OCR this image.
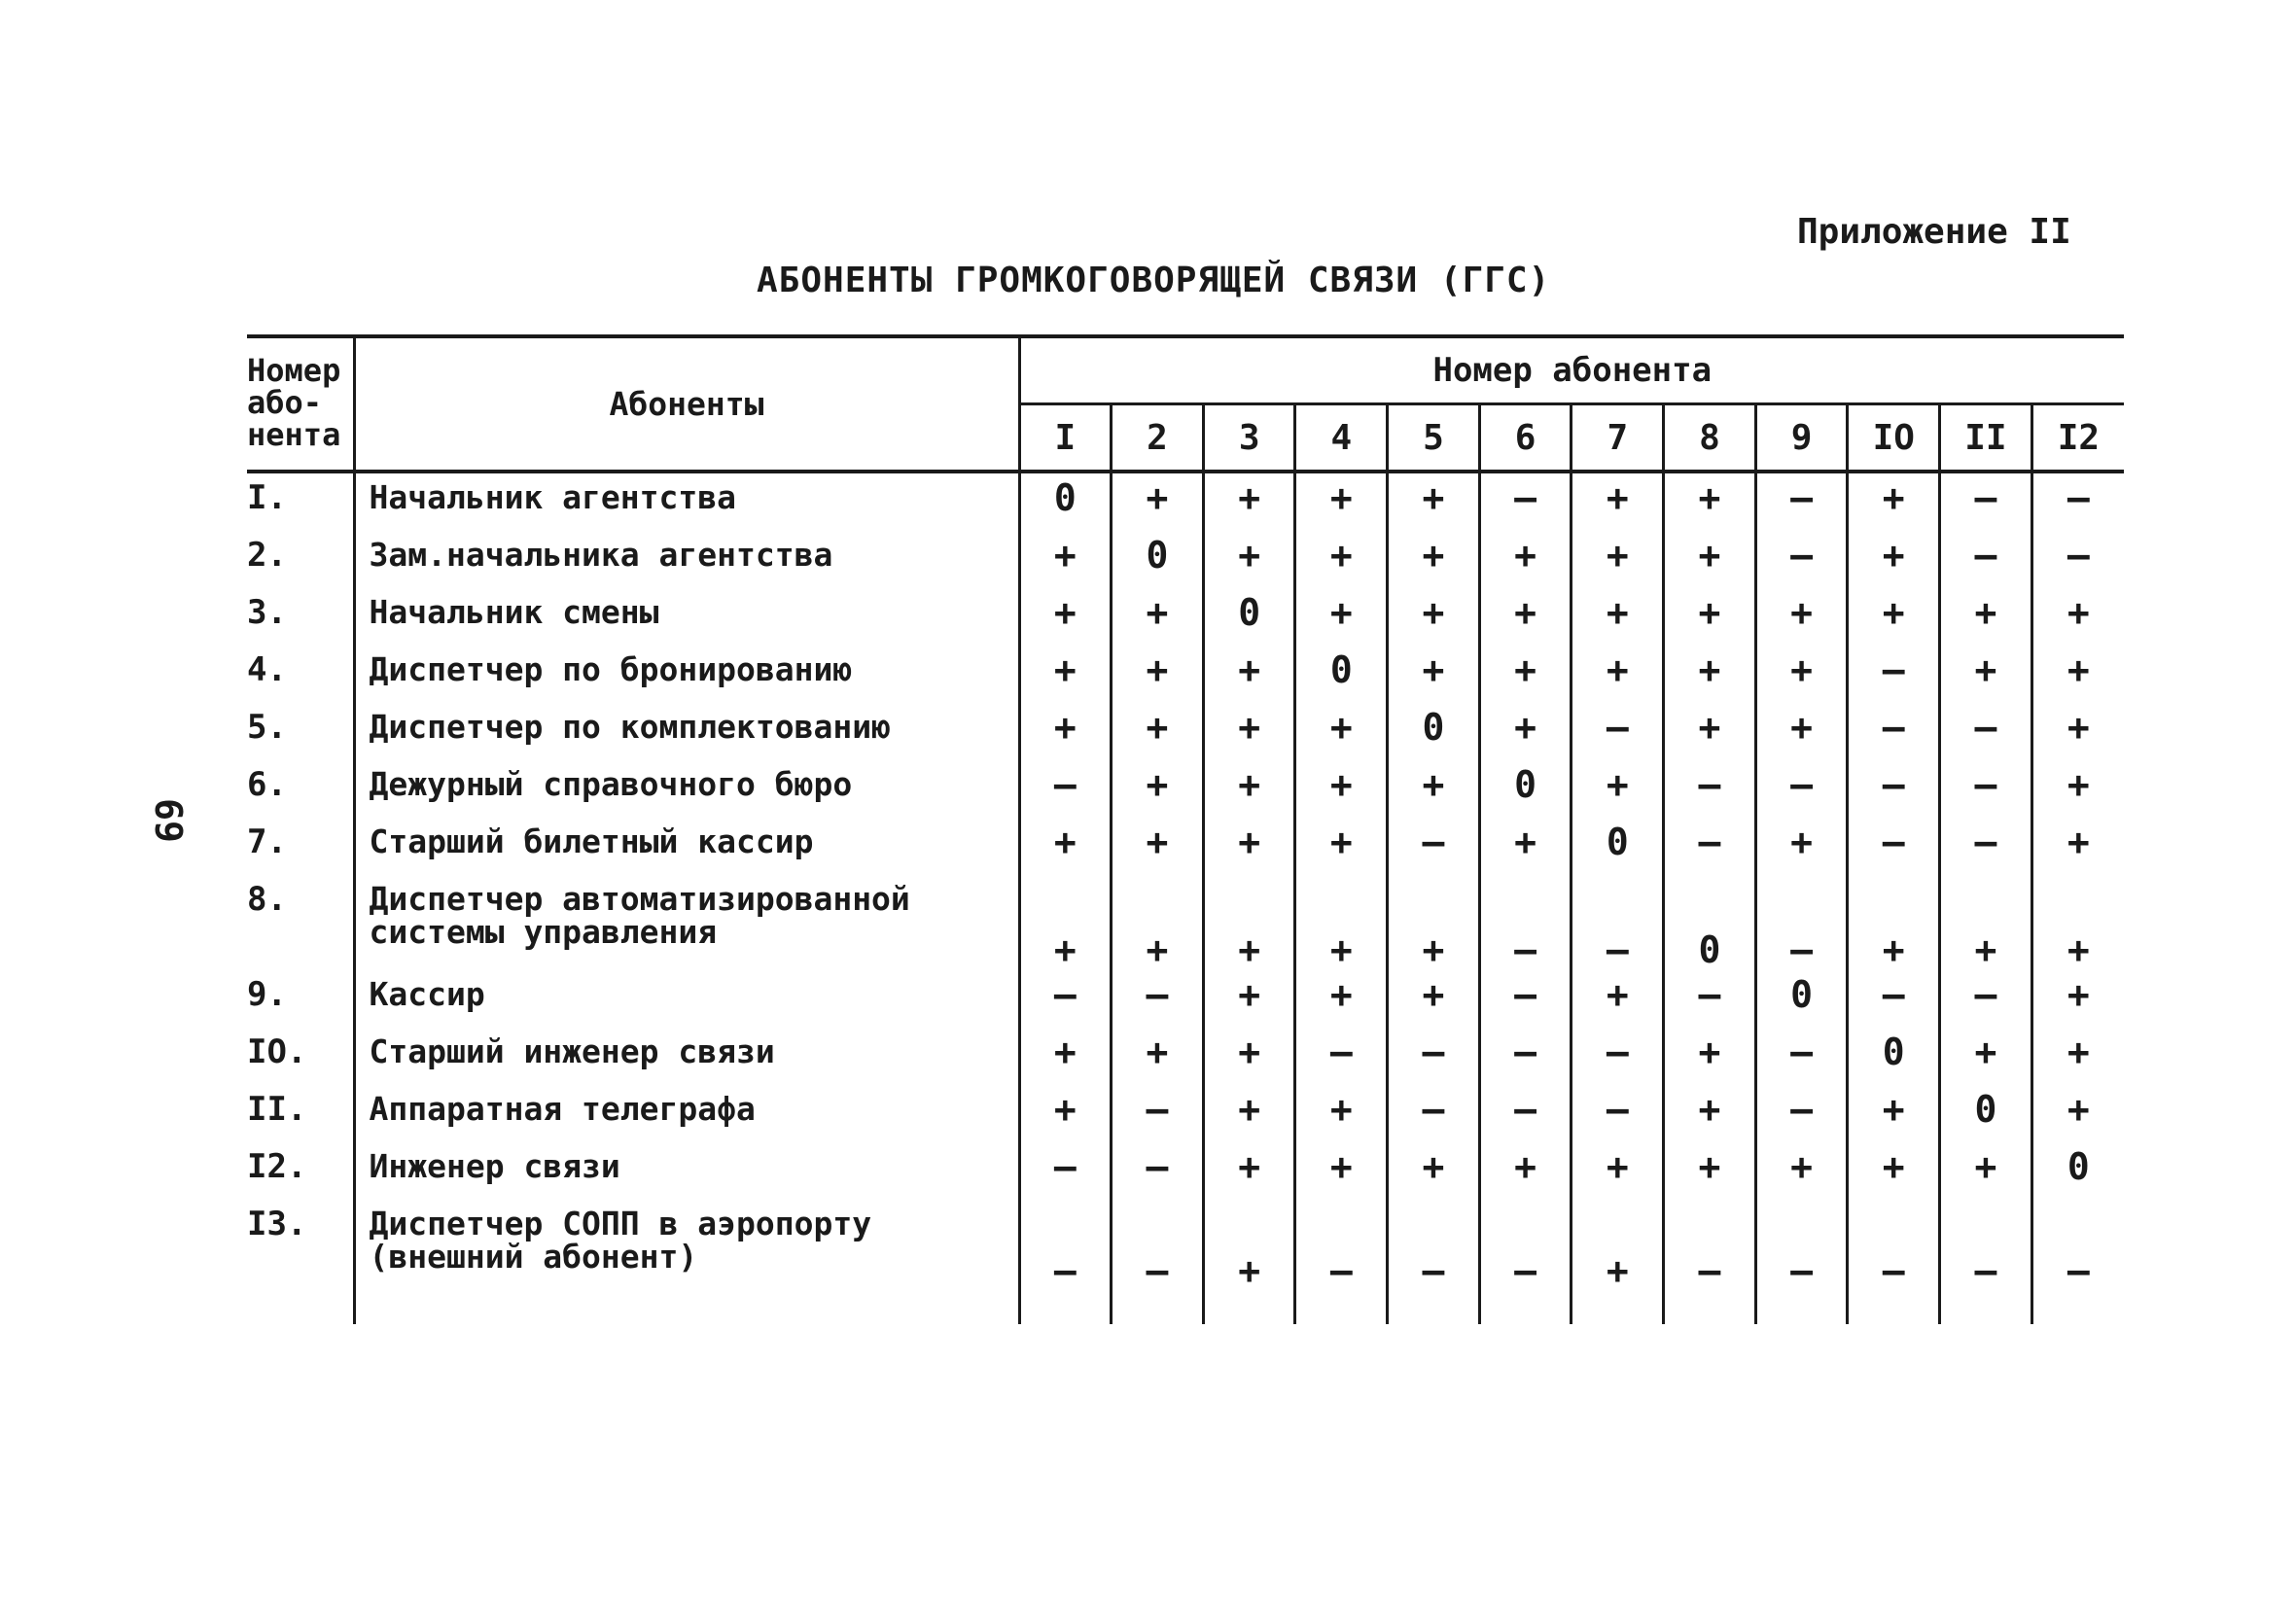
Приложение II
АБОНЕНТЫ ГРОМКОГОВОРЯЩЕЙ СВЯЗИ (ГГС)
69
Номер
або-
нента	Абоненты	Номер абонента											
		I	2	3	4	5	6	7	8	9	IO	II	I2
I.	Начальник агентства	0	+	+	+	+	–	+	+	–	+	–	–
2.	Зам.начальника агентства	+	0	+	+	+	+	+	+	–	+	–	–
3.	Начальник смены	+	+	0	+	+	+	+	+	+	+	+	+
4.	Диспетчер по бронированию	+	+	+	0	+	+	+	+	+	–	+	+
5.	Диспетчер по комплектованию	+	+	+	+	0	+	–	+	+	–	–	+
6.	Дежурный справочного бюро	–	+	+	+	+	0	+	–	–	–	–	+
7.	Старший билетный кассир	+	+	+	+	–	+	0	–	+	–	–	+
8.	Диспетчер автоматизированной
системы управления	+	+	+	+	+	–	–	0	–	+	+	+
9.	Кассир	–	–	+	+	+	–	+	–	0	–	–	+
IO.	Старший инженер связи	+	+	+	–	–	–	–	+	–	0	+	+
II.	Аппаратная телеграфа	+	–	+	+	–	–	–	+	–	+	0	+
I2.	Инженер связи	–	–	+	+	+	+	+	+	+	+	+	0
I3.	Диспетчер СОПП в аэропорту
(внешний абонент)	–	–	+	–	–	–	+	–	–	–	–	–
